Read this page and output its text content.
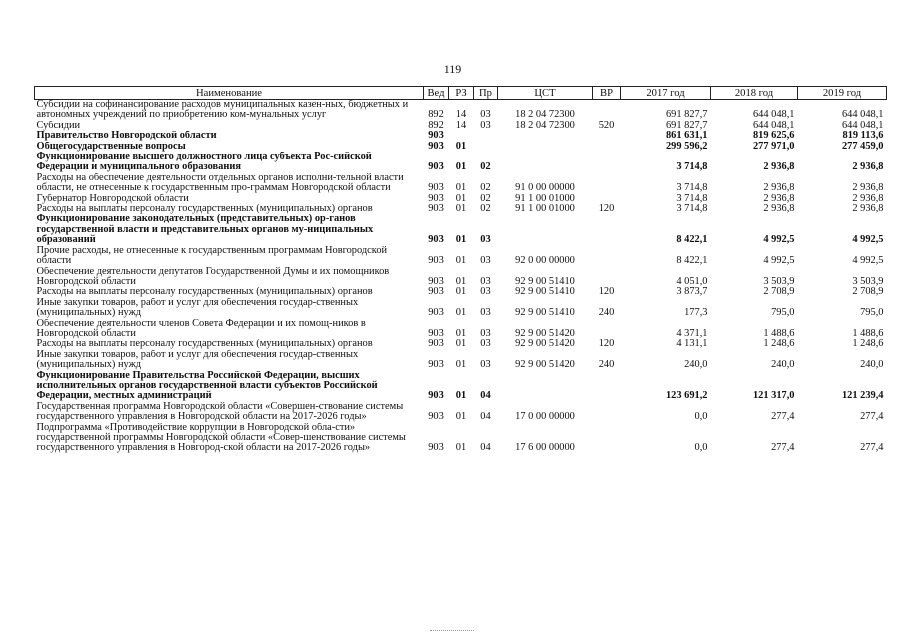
119
Наименование	Вед	РЗ	Пр	ЦСТ	ВР	2017 год	2018 год	2019 год
Субсидии на софинансирование расходов муниципальных казен-ных, бюджетных и автономных учреждений по приобретению ком-мунальных услуг	892	14	03	18 2 04 72300		691 827,7	644 048,1	644 048,1
Субсидии	892	14	03	18 2 04 72300	520	691 827,7	644 048,1	644 048,1
Правительство Новгородской области	903					861 631,1	819 625,6	819 113,6
Общегосударственные вопросы	903	01				299 596,2	277 971,0	277 459,0
Функционирование высшего должностного лица субъекта Рос-сийской Федерации и муниципального образования	903	01	02			3 714,8	2 936,8	2 936,8
Расходы на обеспечение деятельности отдельных органов исполни-тельной власти области, не отнесенные к государственным про-граммам Новгородской области	903	01	02	91 0 00 00000		3 714,8	2 936,8	2 936,8
Губернатор Новгородской области	903	01	02	91 1 00 01000		3 714,8	2 936,8	2 936,8
Расходы на выплаты персоналу государственных (муниципальных) органов	903	01	02	91 1 00 01000	120	3 714,8	2 936,8	2 936,8
Функционирование законодательных (представительных) ор-ганов государственной власти и представительных органов му-ниципальных образований	903	01	03			8 422,1	4 992,5	4 992,5
Прочие расходы, не отнесенные к государственным программам Новгородской области	903	01	03	92 0 00 00000		8 422,1	4 992,5	4 992,5
Обеспечение деятельности депутатов Государственной Думы и их помощников Новгородской области	903	01	03	92 9 00 51410		4 051,0	3 503,9	3 503,9
Расходы на выплаты персоналу государственных (муниципальных) органов	903	01	03	92 9 00 51410	120	3 873,7	2 708,9	2 708,9
Иные закупки товаров, работ и услуг для обеспечения государ-ственных (муниципальных) нужд	903	01	03	92 9 00 51410	240	177,3	795,0	795,0
Обеспечение деятельности членов Совета Федерации и их помощ-ников в Новгородской области	903	01	03	92 9 00 51420		4 371,1	1 488,6	1 488,6
Расходы на выплаты персоналу государственных (муниципальных) органов	903	01	03	92 9 00 51420	120	4 131,1	1 248,6	1 248,6
Иные закупки товаров, работ и услуг для обеспечения государ-ственных (муниципальных) нужд	903	01	03	92 9 00 51420	240	240,0	240,0	240,0
Функционирование Правительства Российской Федерации, высших исполнительных органов государственной власти субъектов Российской Федерации, местных администраций	903	01	04			123 691,2	121 317,0	121 239,4
Государственная программа Новгородской области «Совершен-ствование системы государственного управления в Новгородской области на 2017-2026 годы»	903	01	04	17 0 00 00000		0,0	277,4	277,4
Подпрограмма «Противодействие коррупции в Новгородской обла-сти» государственной программы Новгородской области «Совер-шенствование системы государственного управления в Новгород-ской области на 2017-2026 годы»	903	01	04	17 6 00 00000		0,0	277,4	277,4
